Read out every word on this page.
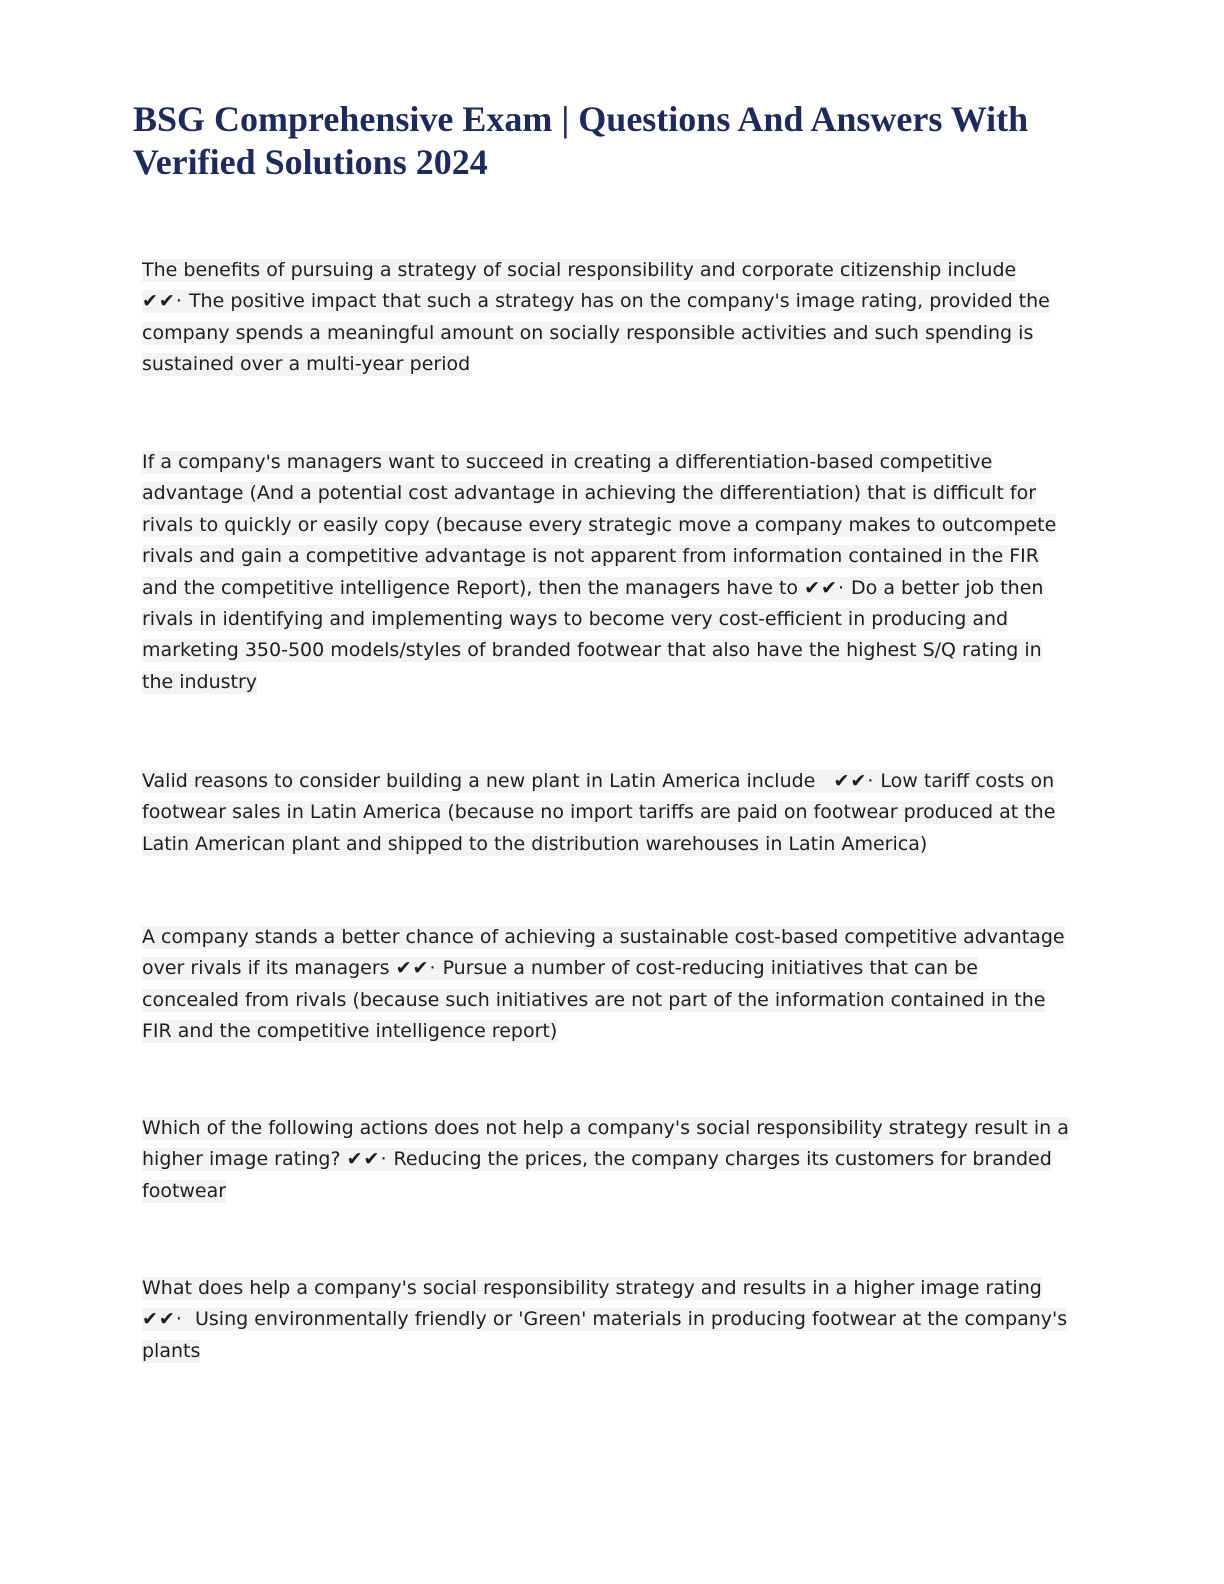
BSG Comprehensive Exam | Questions And Answers With Verified Solutions 2024

The benefits of pursuing a strategy of social responsibility and corporate citizenship include
✔✔· The positive impact that such a strategy has on the company's image rating, provided the company spends a meaningful amount on socially responsible activities and such spending is sustained over a multi-year period

If a company's managers want to succeed in creating a differentiation-based competitive advantage (And a potential cost advantage in achieving the differentiation) that is difficult for rivals to quickly or easily copy (because every strategic move a company makes to outcompete rivals and gain a competitive advantage is not apparent from information contained in the FIR and the competitive intelligence Report), then the managers have to ✔✔· Do a better job then rivals in identifying and implementing ways to become very cost-efficient in producing and marketing 350-500 models/styles of branded footwear that also have the highest S/Q rating in the industry

Valid reasons to consider building a new plant in Latin America include ✔✔· Low tariff costs on footwear sales in Latin America (because no import tariffs are paid on footwear produced at the Latin American plant and shipped to the distribution warehouses in Latin America)

A company stands a better chance of achieving a sustainable cost-based competitive advantage over rivals if its managers ✔✔· Pursue a number of cost-reducing initiatives that can be concealed from rivals (because such initiatives are not part of the information contained in the FIR and the competitive intelligence report)

Which of the following actions does not help a company's social responsibility strategy result in a higher image rating? ✔✔· Reducing the prices, the company charges its customers for branded footwear

What does help a company's social responsibility strategy and results in a higher image rating
✔✔· Using environmentally friendly or 'Green' materials in producing footwear at the company's plants
